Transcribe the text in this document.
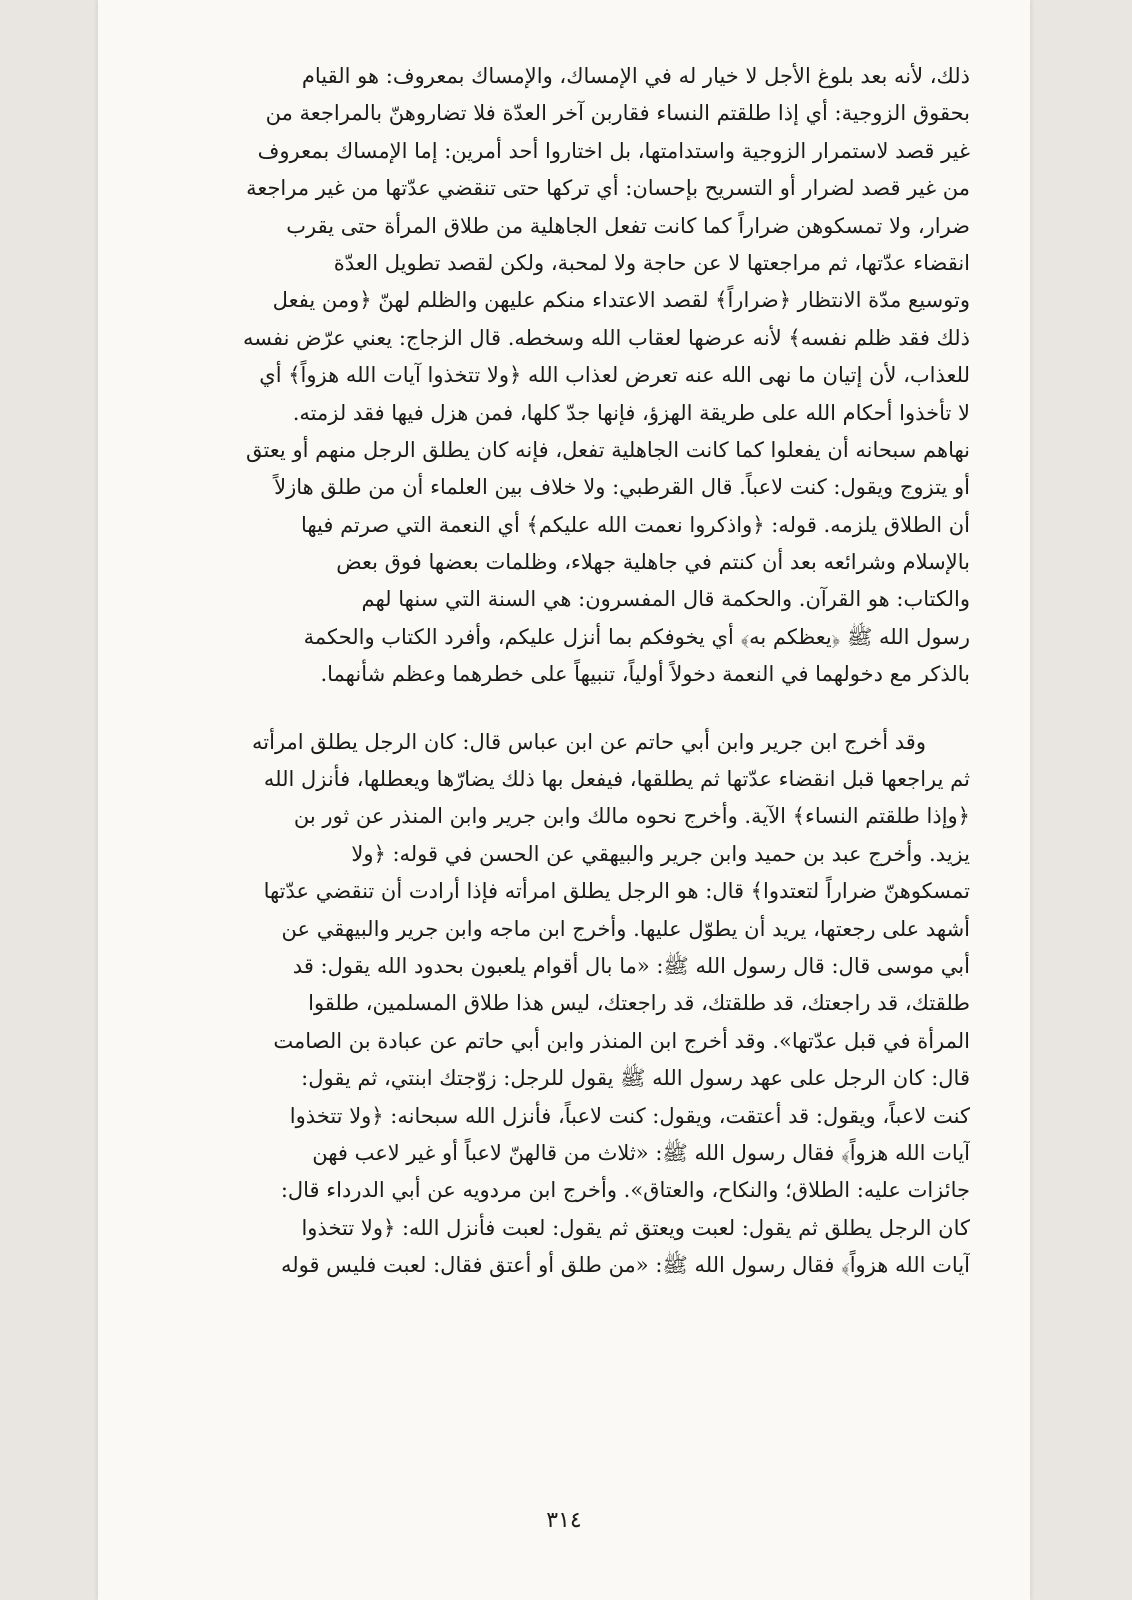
ذلك، لأنه بعد بلوغ الأجل لا خيار له في الإمساك، والإمساك بمعروف: هو القيام
بحقوق الزوجية: أي إذا طلقتم النساء فقاربن آخر العدّة فلا تضاروهنّ بالمراجعة من
غير قصد لاستمرار الزوجية واستدامتها، بل اختاروا أحد أمرين: إما الإمساك بمعروف
من غير قصد لضرار أو التسريح بإحسان: أي تركها حتى تنقضي عدّتها من غير مراجعة
ضرار، ولا تمسكوهن ضراراً كما كانت تفعل الجاهلية من طلاق المرأة حتى يقرب
انقضاء عدّتها، ثم مراجعتها لا عن حاجة ولا لمحبة، ولكن لقصد تطويل العدّة
وتوسيع مدّة الانتظار ﴿ضراراً﴾ لقصد الاعتداء منكم عليهن والظلم لهنّ ﴿ومن يفعل
ذلك فقد ظلم نفسه﴾ لأنه عرضها لعقاب الله وسخطه. قال الزجاج: يعني عرّض نفسه
للعذاب، لأن إتيان ما نهى الله عنه تعرض لعذاب الله ﴿ولا تتخذوا آيات الله هزواً﴾ أي
لا تأخذوا أحكام الله على طريقة الهزؤ، فإنها جدّ كلها، فمن هزل فيها فقد لزمته.
نهاهم سبحانه أن يفعلوا كما كانت الجاهلية تفعل، فإنه كان يطلق الرجل منهم أو يعتق
أو يتزوج ويقول: كنت لاعباً. قال القرطبي: ولا خلاف بين العلماء أن من طلق هازلاً
أن الطلاق يلزمه. قوله: ﴿واذكروا نعمت الله عليكم﴾ أي النعمة التي صرتم فيها
بالإسلام وشرائعه بعد أن كنتم في جاهلية جهلاء، وظلمات بعضها فوق بعض
والكتاب: هو القرآن. والحكمة قال المفسرون: هي السنة التي سنها لهم
رسول الله ﷺ ﴿يعظكم به﴾ أي يخوفكم بما أنزل عليكم، وأفرد الكتاب والحكمة
بالذكر مع دخولهما في النعمة دخولاً أولياً، تنبيهاً على خطرهما وعظم شأنهما.
وقد أخرج ابن جرير وابن أبي حاتم عن ابن عباس قال: كان الرجل يطلق امرأته
ثم يراجعها قبل انقضاء عدّتها ثم يطلقها، فيفعل بها ذلك يضارّها ويعطلها، فأنزل الله
﴿وإذا طلقتم النساء﴾ الآية. وأخرج نحوه مالك وابن جرير وابن المنذر عن ثور بن
يزيد. وأخرج عبد بن حميد وابن جرير والبيهقي عن الحسن في قوله: ﴿ولا
تمسكوهنّ ضراراً لتعتدوا﴾ قال: هو الرجل يطلق امرأته فإذا أرادت أن تنقضي عدّتها
أشهد على رجعتها، يريد أن يطوّل عليها. وأخرج ابن ماجه وابن جرير والبيهقي عن
أبي موسى قال: قال رسول الله ﷺ: «ما بال أقوام يلعبون بحدود الله يقول: قد
طلقتك، قد راجعتك، قد طلقتك، قد راجعتك، ليس هذا طلاق المسلمين، طلقوا
المرأة في قبل عدّتها». وقد أخرج ابن المنذر وابن أبي حاتم عن عبادة بن الصامت
قال: كان الرجل على عهد رسول الله ﷺ يقول للرجل: زوّجتك ابنتي، ثم يقول:
كنت لاعباً، ويقول: قد أعتقت، ويقول: كنت لاعباً، فأنزل الله سبحانه: ﴿ولا تتخذوا
آيات الله هزواً﴾ فقال رسول الله ﷺ: «ثلاث من قالهنّ لاعباً أو غير لاعب فهن
جائزات عليه: الطلاق؛ والنكاح، والعتاق». وأخرج ابن مردويه عن أبي الدرداء قال:
كان الرجل يطلق ثم يقول: لعبت ويعتق ثم يقول: لعبت فأنزل الله: ﴿ولا تتخذوا
آيات الله هزواً﴾ فقال رسول الله ﷺ: «من طلق أو أعتق فقال: لعبت فليس قوله
٣١٤
